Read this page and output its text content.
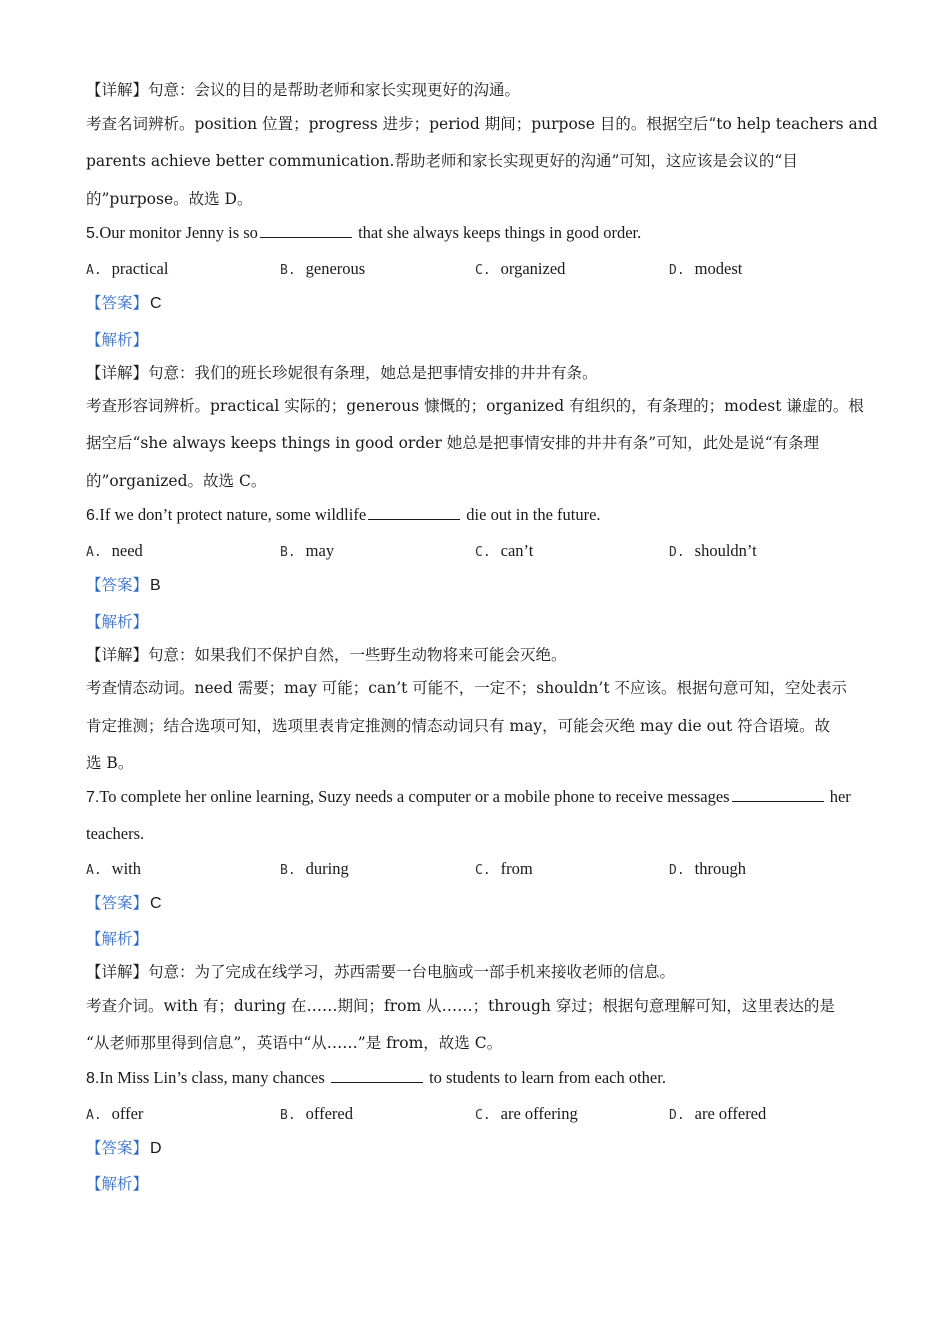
【详解】句意：会议的目的是帮助老师和家长实现更好的沟通。
考查名词辨析。position 位置；progress 进步；period 期间；purpose 目的。根据空后“to help teachers and
parents achieve better communication.帮助老师和家长实现更好的沟通”可知，这应该是会议的“目
的”purpose。故选 D。
5.Our monitor Jenny is so	that she always keeps things in good order.
A. practical	B. generous	C. organized	D. modest
【答案】 C
【解析】
【详解】句意：我们的班长珍妮很有条理，她总是把事情安排的井井有条。
考查形容词辨析。practical 实际的；generous 慷慨的；organized 有组织的，有条理的；modest 谦虚的。根
据空后“she always keeps things in good order 她总是把事情安排的井井有条”可知，此处是说“有条理
的”organized。故选 C。
6.If we don’t protect nature, some wildlife	die out in the future.
A. need	B. may	C. can’t	D. shouldn’t
【答案】 B
【解析】
【详解】句意：如果我们不保护自然，一些野生动物将来可能会灭绝。
考查情态动词。need 需要；may 可能；can’t 可能不，一定不；shouldn’t 不应该。根据句意可知，空处表示
肯定推测；结合选项可知，选项里表肯定推测的情态动词只有 may，可能会灭绝 may die out 符合语境。故
选 B。
7.To complete her online learning, Suzy needs a computer or a mobile phone to receive messages	her
teachers.
A. with	B. during	C. from	D. through
【答案】 C
【解析】
【详解】句意：为了完成在线学习，苏西需要一台电脑或一部手机来接收老师的信息。
考查介词。with 有；during 在……期间；from 从……；through 穿过；根据句意理解可知，这里表达的是
“从老师那里得到信息”，英语中“从……”是 from，故选 C。
8.In Miss Lin’s class, many chances	to students to learn from each other.
A. offer	B. offered	C. are offering	D. are offered
【答案】 D
【解析】
